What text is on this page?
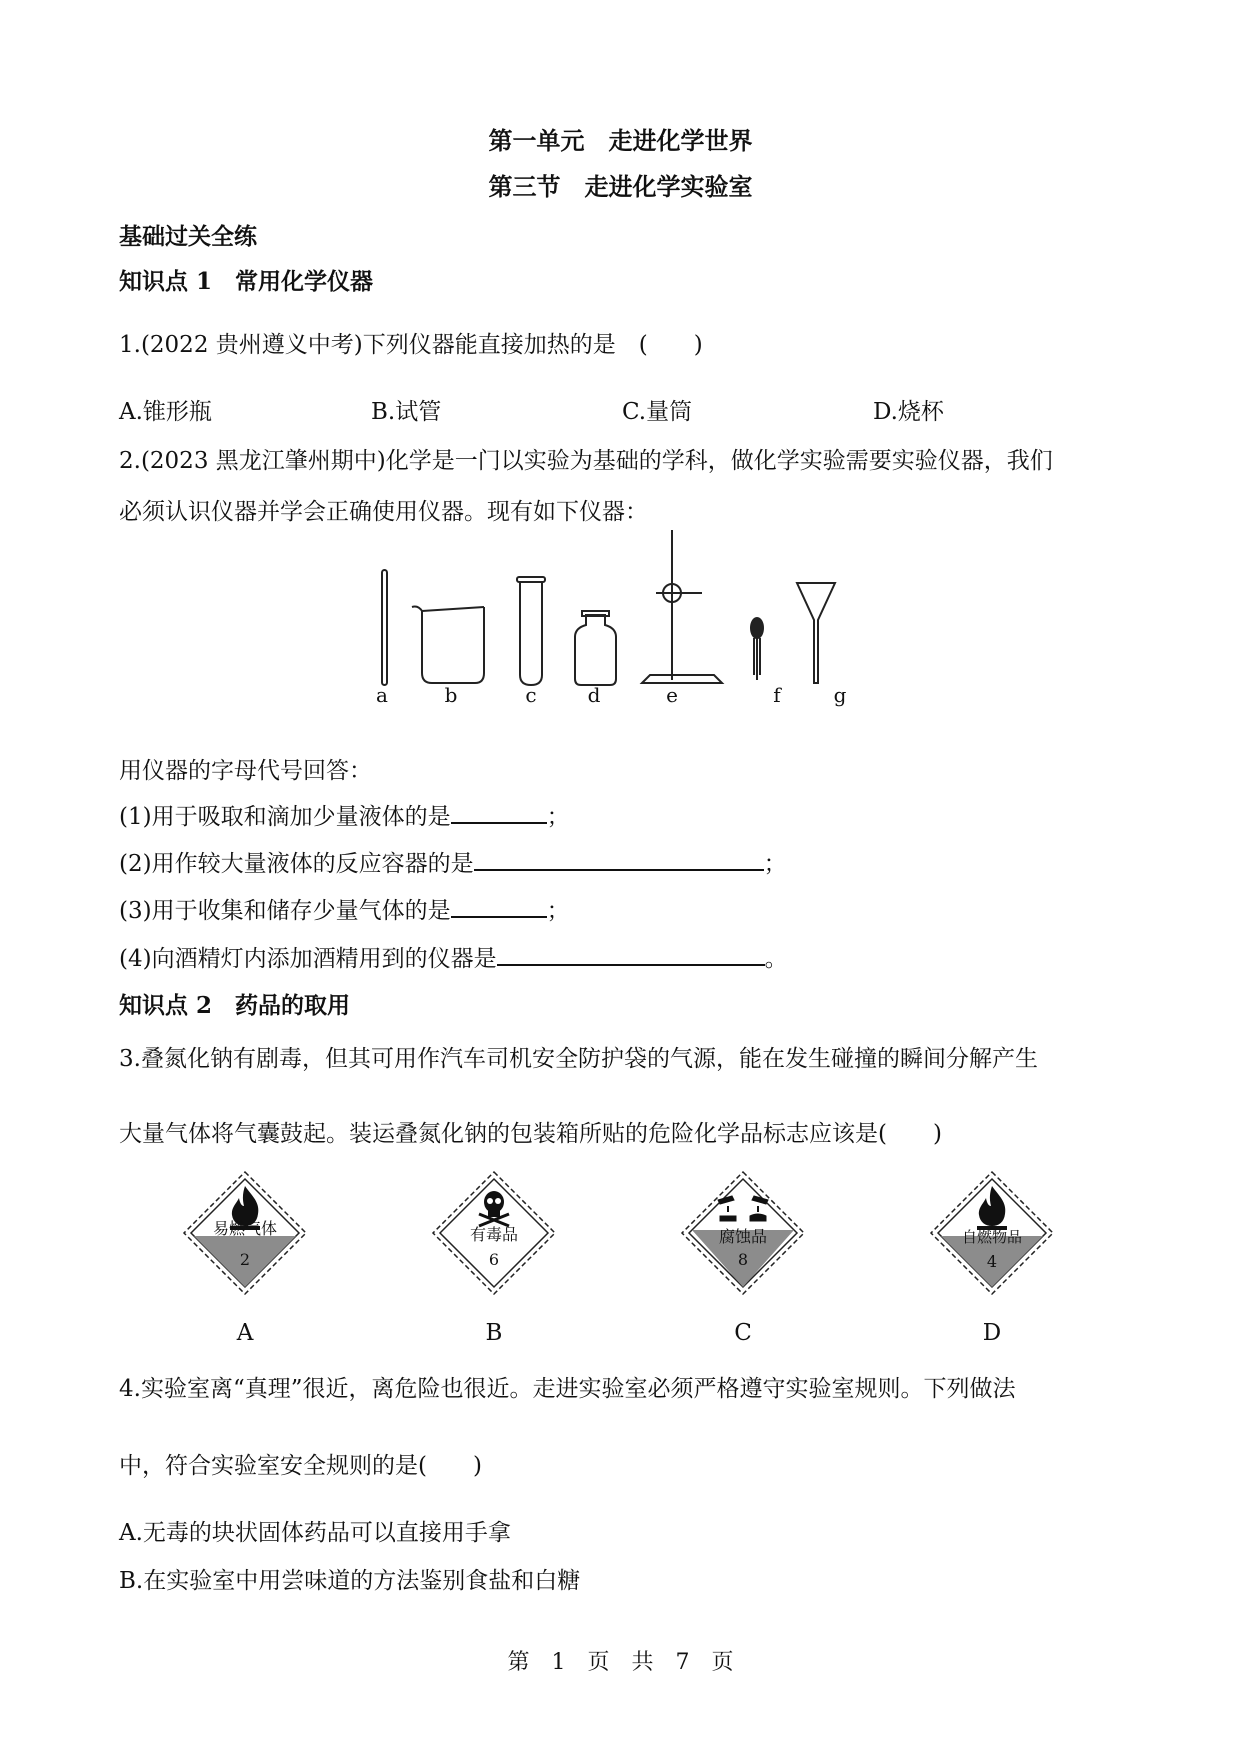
第一单元　走进化学世界
第三节　走进化学实验室
基础过关全练
知识点 1　常用化学仪器
1.(2022 贵州遵义中考)下列仪器能直接加热的是　(　　)
A.锥形瓶	B.试管	C.量筒	D.烧杯
2.(2023 黑龙江肇州期中)化学是一门以实验为基础的学科，做化学实验需要实验仪器，我们
必须认识仪器并学会正确使用仪器。现有如下仪器：
a	b	c	d	e	f	g
用仪器的字母代号回答：
(1)用于吸取和滴加少量液体的是	；
(2)用作较大量液体的反应容器的是	；
(3)用于收集和储存少量气体的是	；
(4)向酒精灯内添加酒精用到的仪器是	。
知识点 2　药品的取用
3.叠氮化钠有剧毒，但其可用作汽车司机安全防护袋的气源，能在发生碰撞的瞬间分解产生
大量气体将气囊鼓起。装运叠氮化钠的包装箱所贴的危险化学品标志应该是(　　)
易燃气体
2
有毒品
6
腐蚀品
8
自燃物品
4
A	B	C	D
4.实验室离“真理”很近，离危险也很近。走进实验室必须严格遵守实验室规则。下列做法
中，符合实验室安全规则的是(　　)
A.无毒的块状固体药品可以直接用手拿
B.在实验室中用尝味道的方法鉴别食盐和白糖
第　1　页　共　7　页
